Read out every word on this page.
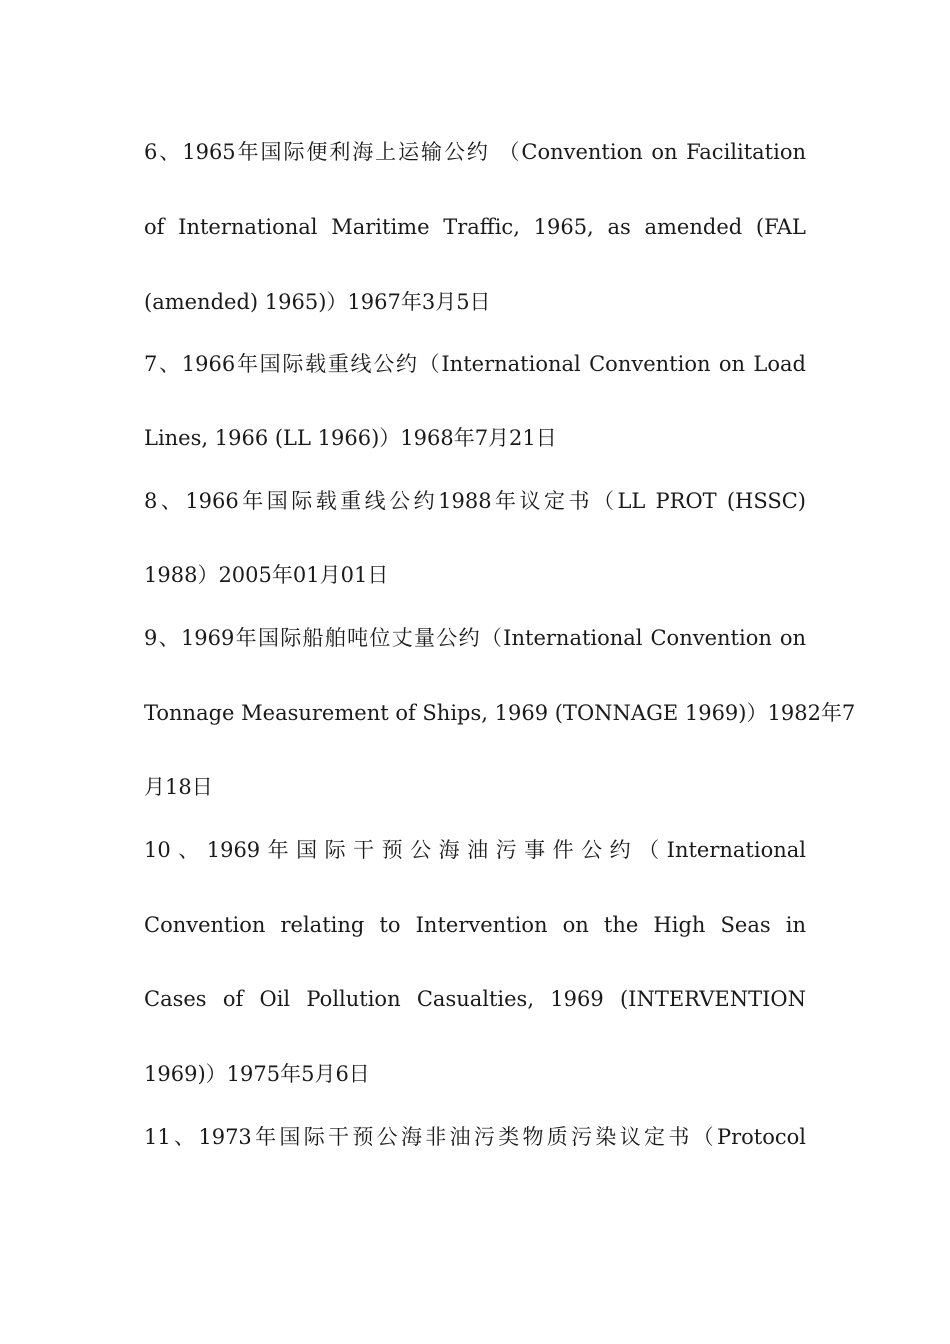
6、1965年国际便利海上运输公约 （Convention on Facilitation
of International Maritime Traffic, 1965, as amended (FAL
(amended) 1965)）1967年3月5日
7、1966年国际载重线公约（International Convention on Load
Lines, 1966 (LL 1966)）1968年7月21日
8、1966年国际载重线公约1988年议定书（LL PROT (HSSC)
1988）2005年01月01日
9、1969年国际船舶吨位丈量公约（International Convention on
Tonnage Measurement of Ships, 1969 (TONNAGE 1969)）1982年7
月18日
10、1969年国际干预公海油污事件公约（International
Convention relating to Intervention on the High Seas in
Cases of Oil Pollution Casualties, 1969 (INTERVENTION
1969)）1975年5月6日
11、1973年国际干预公海非油污类物质污染议定书（Protocol
